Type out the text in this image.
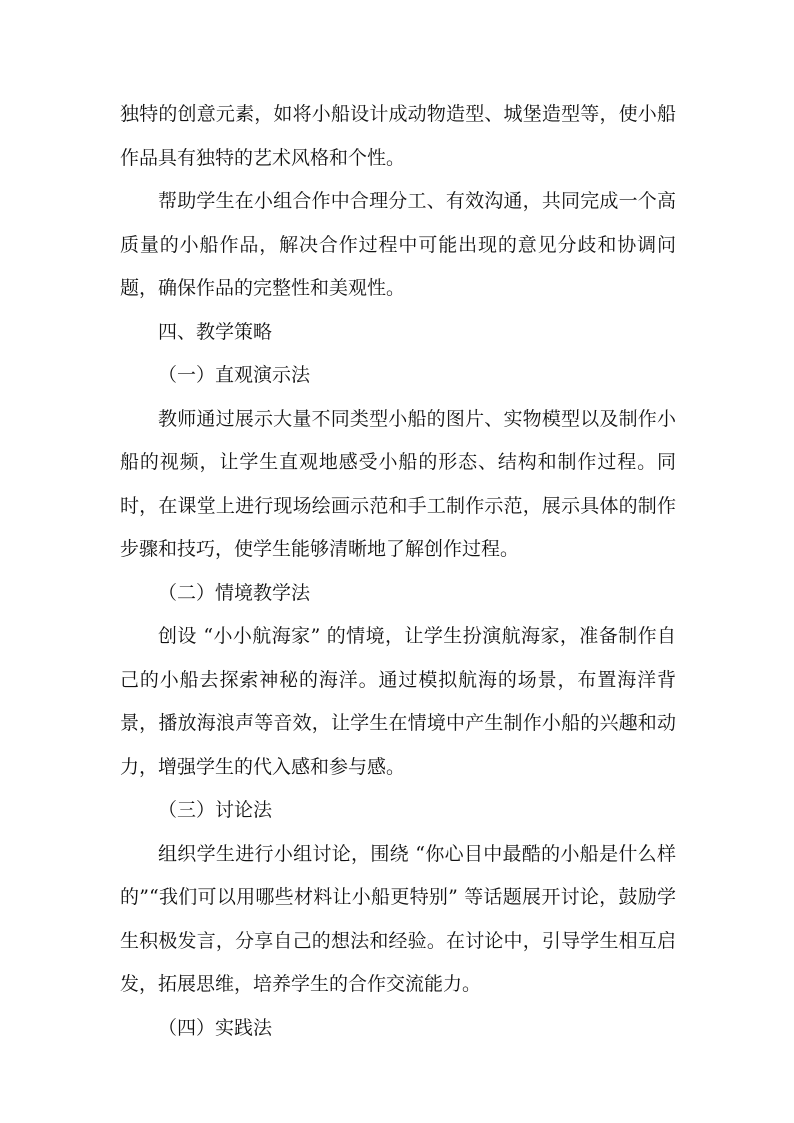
独特的创意元素，如将小船设计成动物造型、城堡造型等，使小船作品具有独特的艺术风格和个性。

帮助学生在小组合作中合理分工、有效沟通，共同完成一个高质量的小船作品，解决合作过程中可能出现的意见分歧和协调问题，确保作品的完整性和美观性。

四、教学策略

（一）直观演示法

教师通过展示大量不同类型小船的图片、实物模型以及制作小船的视频，让学生直观地感受小船的形态、结构和制作过程。同时，在课堂上进行现场绘画示范和手工制作示范，展示具体的制作步骤和技巧，使学生能够清晰地了解创作过程。

（二）情境教学法

创设 “小小航海家” 的情境，让学生扮演航海家，准备制作自己的小船去探索神秘的海洋。通过模拟航海的场景，布置海洋背景，播放海浪声等音效，让学生在情境中产生制作小船的兴趣和动力，增强学生的代入感和参与感。

（三）讨论法

组织学生进行小组讨论，围绕 “你心目中最酷的小船是什么样的”“我们可以用哪些材料让小船更特别” 等话题展开讨论，鼓励学生积极发言，分享自己的想法和经验。在讨论中，引导学生相互启发，拓展思维，培养学生的合作交流能力。

（四）实践法
